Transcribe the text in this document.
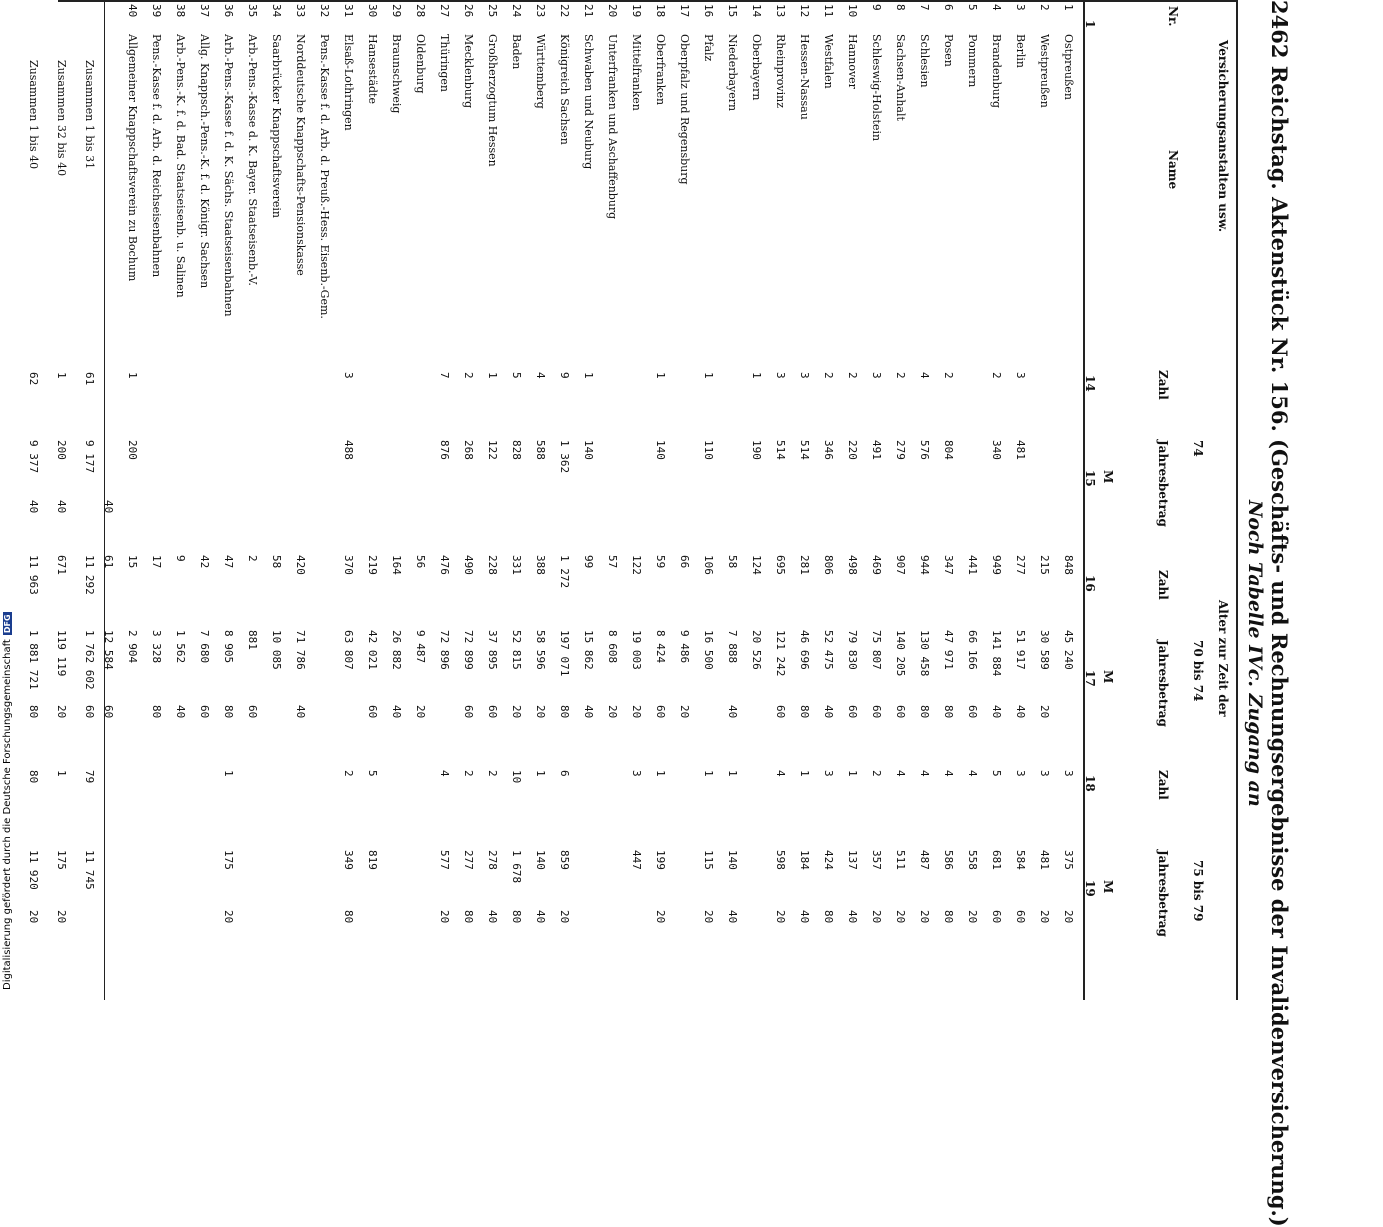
2462 Reichstag. Aktenstück Nr. 156. (Geschäfts- und Rechnungsergebnisse der Invalidenversicherung.)
Noch Tabelle IVc. Zugang an
Nr.
Versicherungsanstalten usw.
Name
Alter zur Zeit der
74
70 bis 74
75 bis 79
Zahl
Jahresbetrag
Zahl
Jahresbetrag
Zahl
Jahresbetrag
M
M
M
1
14
15
16
17
18
19
1
Ostpreußen
848
45 240
3
375
20
2
Westpreußen
215
30 589
20
3
481
20
3
Berlin
3
481
277
51 917
40
3
584
60
4
Brandenburg
2
340
949
141 884
40
5
681
60
5
Pommern
441
66 166
60
4
558
20
6
Posen
2
804
347
47 971
80
4
586
80
7
Schlesien
4
576
944
130 458
80
4
487
20
8
Sachsen-Anhalt
2
279
907
140 205
60
4
511
20
9
Schleswig-Holstein
3
491
469
75 807
60
2
357
20
10
Hannover
2
220
498
79 830
60
1
137
40
11
Westfalen
2
346
806
52 475
40
3
424
80
12
Hessen-Nassau
3
514
281
46 696
80
1
184
40
13
Rheinprovinz
3
514
695
121 242
60
4
598
20
14
Oberbayern
1
190
124
20 526
15
Niederbayern
58
7 888
40
1
140
40
16
Pfalz
1
110
106
16 500
1
115
20
17
Oberpfalz und Regensburg
66
9 486
20
18
Oberfranken
1
140
59
8 424
60
1
199
20
19
Mittelfranken
122
19 003
20
3
447
20
Unterfranken und Aschaffenburg
57
8 608
20
21
Schwaben und Neuburg
1
140
99
15 862
40
22
Königreich Sachsen
9
1 362
1 272
197 071
80
6
859
20
23
Württemberg
4
588
388
58 596
20
1
140
40
24
Baden
5
828
331
52 815
20
10
1 678
80
25
Großherzogtum Hessen
1
122
228
37 895
60
2
278
40
26
Mecklenburg
2
268
490
72 899
60
2
277
80
27
Thüringen
7
876
476
72 896
4
577
20
28
Oldenburg
56
9 487
20
29
Braunschweig
164
26 882
40
30
Hansestädte
219
42 021
60
5
819
31
Elsaß-Lothringen
3
488
370
63 807
2
349
80
32
Pens.-Kasse f. d. Arb. d. Preuß.-Hess. Eisenb.-Gem.
33
Norddeutsche Knappschafts-Pensionskasse
420
71 786
40
34
Saarbrücker Knappschaftsverein
58
10 085
35
Arb.-Pens.-Kasse d. K. Bayer. Staatseisenb.-V.
2
881
60
36
Arb.-Pens.-Kasse f. d. K. Sächs. Staatseisenbahnen
47
8 905
80
1
175
20
37
Allg. Knappsch.-Pens.-K. f. d. Königr. Sachsen
42
7 680
60
38
Arb.-Pens.-K. f. d. Bad. Staatseisenb. u. Salinen
9
1 562
40
39
Pens.-Kasse f. d. Arb. d. Reichseisenbahnen
17
3 328
80
40
Allgemeiner Knappschaftsverein zu Bochum
1
200
15
2 904
61
12 584
60
40
Zusammen 1 bis 31
61
9 177
11 292
1 762 602
60
79
11 745
Zusammen 32 bis 40
1
200
40
671
119 119
20
1
175
20
Zusammen 1 bis 40
62
9 377
40
11 963
1 881 721
80
80
11 920
20
Digitalisierung gefördert durch die Deutsche ForschungsgemeinschaftDFG
